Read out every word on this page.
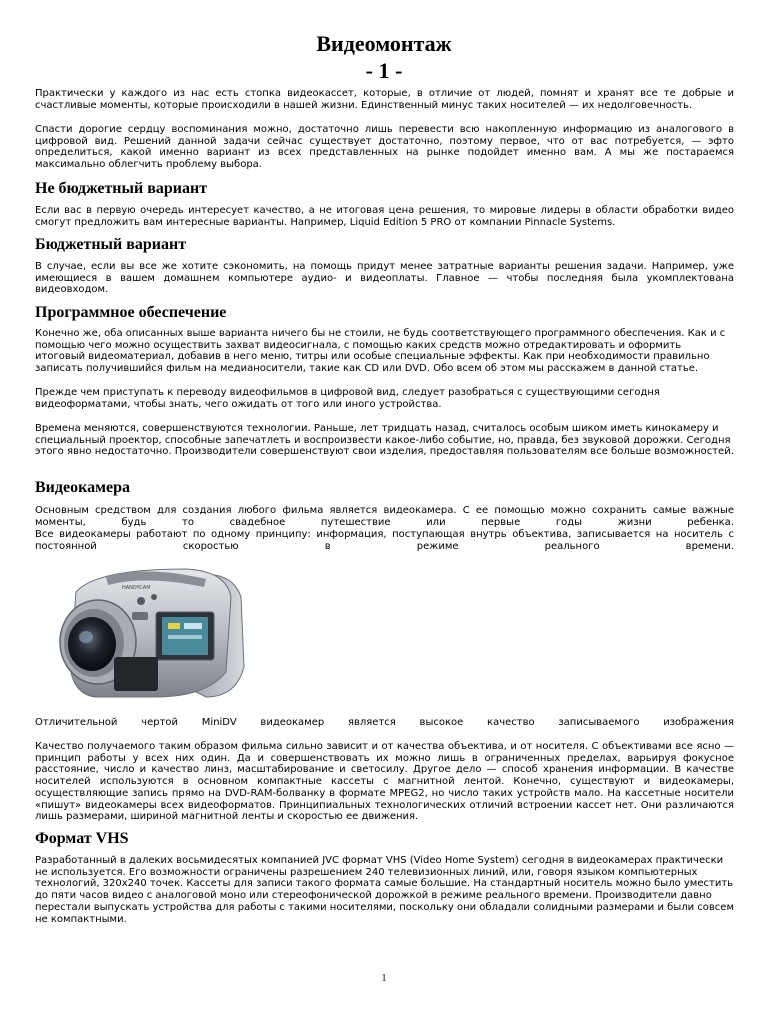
Видеомонтаж
- 1 -

Практически у каждого из нас есть стопка видеокассет, которые, в отличие от людей, помнят и хранят все те добрые и счастливые моменты, которые происходили в нашей жизни. Единственный минус таких носителей — их недолговечность.

Спасти дорогие сердцу воспоминания можно, достаточно лишь перевести всю накопленную информацию из аналогового в цифровой вид. Решений данной задачи сейчас существует достаточно, поэтому первое, что от вас потребуется, — эфто определиться, какой именно вариант из всех представленных на рынке подойдет именно вам. А мы же постараемся максимально облегчить проблему выбора.

Не бюджетный вариант

Если вас в первую очередь интересует качество, а не итоговая цена решения, то мировые лидеры в области обработки видео смогут предложить вам интересные варианты. Например, Liquid Edition 5 PRO от компании Pinnacle Systems.

Бюджетный вариант

В случае, если вы все же хотите сэкономить, на помощь придут менее затратные варианты решения задачи. Например, уже имеющиеся в вашем домашнем компьютере аудио- и видеоплаты. Главное — чтобы последняя была укомплектована видеовходом.

Программное обеспечение

Конечно же, оба описанных выше варианта ничего бы не стоили, не будь соответствующего программного обеспечения. Как и с помощью чего можно осуществить захват видеосигнала, с помощью каких средств можно отредактировать и оформить итоговый видеоматериал, добавив в него меню, титры или особые специальные эффекты. Как при необходимости правильно записать получившийся фильм на медианосители, такие как CD или DVD. Обо всем об этом мы расскажем в данной статье.

Прежде чем приступать к переводу видеофильмов в цифровой вид, следует разобраться с существующими сегодня видеоформатами, чтобы знать, чего ожидать от того или иного устройства.

Времена меняются, совершенствуются технологии. Раньше, лет тридцать назад, считалось особым шиком иметь кинокамеру и специальный проектор, способные запечатлеть и воспроизвести какое-либо событие, но, правда, без звуковой дорожки. Сегодня этого явно недостаточно. Производители совершенствуют свои изделия, предоставляя пользователям все больше возможностей.

Видеокамера

Основным средством для создания любого фильма является видеокамера. С ее помощью можно сохранить самые важные моменты, будь то свадебное путешествие или первые годы жизни ребенка.

Все видеокамеры работают по одному принципу: информация, поступающая внутрь объектива, записывается на носитель с постоянной скоростью в режиме реального времени.

HANDYCAM

Отличительной чертой MiniDV видеокамер является высокое качество записываемого изображения

Качество получаемого таким образом фильма сильно зависит и от качества объектива, и от носителя. С объективами все ясно — принцип работы у всех них один. Да и совершенствовать их можно лишь в ограниченных пределах, варьируя фокусное расстояние, число и качество линз, масштабирование и светосилу. Другое дело — способ хранения информации. В качестве носителей используются в основном компактные кассеты с магнитной лентой. Конечно, существуют и видеокамеры, осуществляющие запись прямо на DVD-RAM-болванку в формате MPEG2, но число таких устройств мало. На кассетные носители «пишут» видеокамеры всех видеоформатов. Принципиальных технологических отличий встроении кассет нет. Они различаются лишь размерами, шириной магнитной ленты и скоростью ее движения.

Формат VHS

Разработанный в далеких восьмидесятых компанией JVC формат VHS (Video Home System) сегодня в видеокамерах практически не используется. Его возможности ограничены разрешением 240 телевизионных линий, или, говоря языком компьютерных технологий, 320x240 точек. Кассеты для записи такого формата самые большие. На стандартный носитель можно было уместить до пяти часов видео с аналоговой моно или стереофонической дорожкой в режиме реального времени. Производители давно перестали выпускать устройства для работы с такими носителями, поскольку они обладали солидными размерами и были совсем не компактными.

1
